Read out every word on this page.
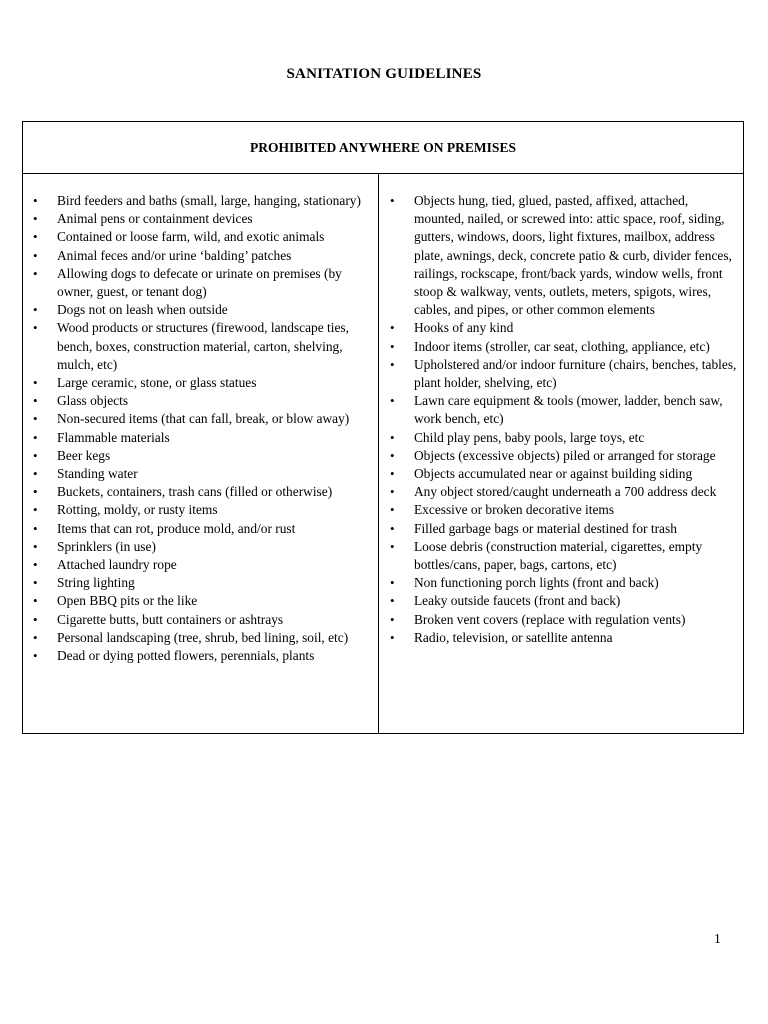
SANITATION GUIDELINES
PROHIBITED ANYWHERE ON PREMISES
• Bird feeders and baths (small, large, hanging, stationary)
• Animal pens or containment devices
• Contained or loose farm, wild, and exotic animals
• Animal feces and/or urine ‘balding’ patches
• Allowing dogs to defecate or urinate on premises (by owner, guest, or tenant dog)
• Dogs not on leash when outside
• Wood products or structures (firewood, landscape ties, bench, boxes, construction material, carton, shelving, mulch, etc)
• Large ceramic, stone, or glass statues
• Glass objects
• Non-secured items (that can fall, break, or blow away)
• Flammable materials
• Beer kegs
• Standing water
• Buckets, containers, trash cans (filled or otherwise)
• Rotting, moldy, or rusty items
• Items that can rot, produce mold, and/or rust
• Sprinklers (in use)
• Attached laundry rope
• String lighting
• Open BBQ pits or the like
• Cigarette butts, butt containers or ashtrays
• Personal landscaping (tree, shrub, bed lining, soil, etc)
• Dead or dying potted flowers, perennials, plants
• Objects hung, tied, glued, pasted, affixed, attached, mounted, nailed, or screwed into: attic space, roof, siding, gutters, windows, doors, light fixtures, mailbox, address plate, awnings, deck, concrete patio & curb, divider fences, railings, rockscape, front/back yards, window wells, front stoop & walkway, vents, outlets, meters, spigots, wires, cables, and pipes, or other common elements
• Hooks of any kind
• Indoor items (stroller, car seat, clothing, appliance, etc)
• Upholstered and/or indoor furniture (chairs, benches, tables, plant holder, shelving, etc)
• Lawn care equipment & tools (mower, ladder, bench saw, work bench, etc)
• Child play pens, baby pools, large toys, etc
• Objects (excessive objects) piled or arranged for storage
• Objects accumulated near or against building siding
• Any object stored/caught underneath a 700 address deck
• Excessive or broken decorative items
• Filled garbage bags or material destined for trash
• Loose debris (construction material, cigarettes, empty bottles/cans, paper, bags, cartons, etc)
• Non functioning porch lights (front and back)
• Leaky outside faucets (front and back)
• Broken vent covers (replace with regulation vents)
• Radio, television, or satellite antenna
1
